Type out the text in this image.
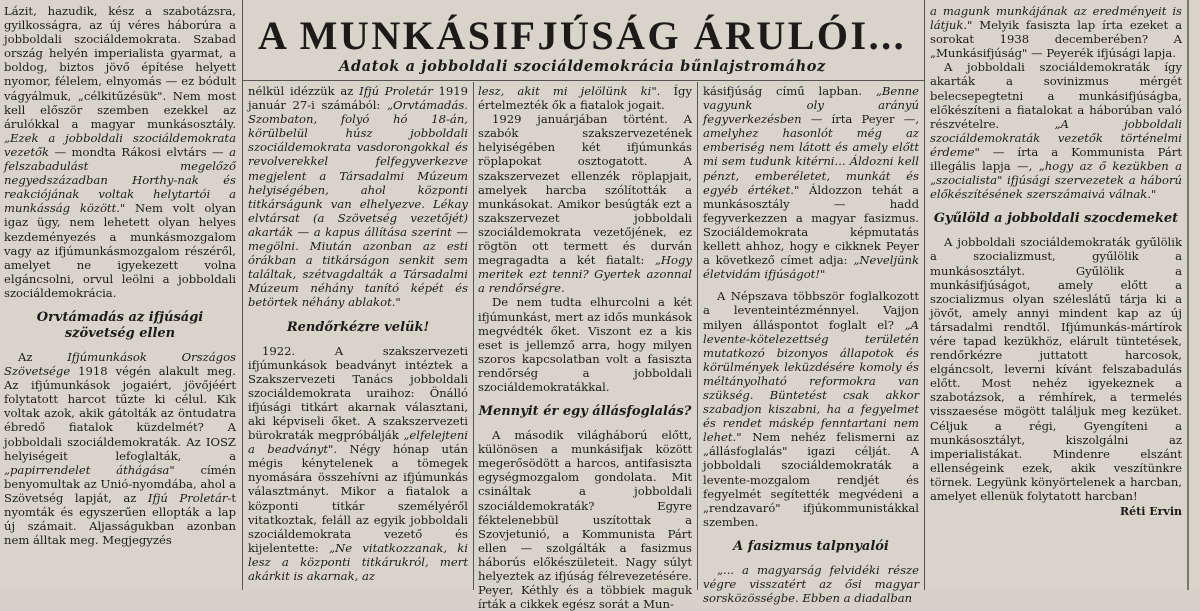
A MUNKÁSIFJÚSÁG ÁRULÓI...
Adatok a jobboldali szociáldemokrácia bűnlajstromához

Lázit, hazudik, kész a szabotázsra, gyilkosságra, az új véres háborúra a jobboldali szociáldemokrata. Szabad ország helyén imperialista gyarmat, a boldog, biztos jövő építése helyett nyomor, félelem, elnyomás — ez bódult vágyálmuk, „célkitűzésük". Nem most kell először szemben ezekkel az árulókkal a magyar munkásosztály. „Ezek a jobboldali szociáldemokrata vezetők — mondta Rákosi elvtárs — a felszabadulást megelőző negyedszázadban Horthy-nak és reakciójának voltak helytartói a munkásság között." Nem volt olyan igaz ügy, nem lehetett olyan helyes kezdeményezés a munkásmozgalom vagy az ifjúmunkásmozgalom részéről, amelyet ne igyekezett volna elgáncsolni, orvul leölni a jobboldali szociáldemokrácia.

Orvtámadás az ifjúsági szövetség ellen

Az Ifjúmunkások Országos Szövetsége 1918 végén alakult meg. Az ifjúmunkások jogaiért, jövőjéért folytatott harcot tűzte ki célul. Kik voltak azok, akik gátolták az öntudatra ébredő fiatalok küzdelmét? A jobboldali szociáldemokraták. Az IOSZ helyiségeit lefoglalták, a „papirrendelet áthágása" címén benyomultak az Unió-nyomdába, ahol a Szövetség lapját, az Ifjú Proletár-t nyomták és egyszerűen ellopták a lap új számait. Aljasságukban azonban nem álltak meg. Megjegyzés

nélkül idézzük az Ifjú Proletár 1919 január 27-i számából: „Orvtámadás. Szombaton, folyó hó 18-án, körülbelül húsz jobboldali szociáldemokrata vasdorongokkal és revolverekkel felfegyverkezve megjelent a Társadalmi Múzeum helyiségében, ahol központi titkárságunk van elhelyezve. Lékay elvtársat (a Szövetség vezetőjét) akarták — a kapus állítása szerint — megölni. Miután azonban az esti órákban a titkárságon senkit sem találtak, szétvagdalták a Társadalmi Múzeum néhány tanító képét és betörtek néhány ablakot."

Rendőrkézre velük!

1922. A szakszervezeti ifjúmunkások beadványt intéztek a Szakszervezeti Tanács jobboldali szociáldemokrata uraihoz: Önálló ifjúsági titkárt akarnak választani, aki képviseli őket. A szakszervezeti bürokraták megpróbálják „elfelejteni a beadványt". Négy hónap után mégis kénytelenek a tömegek nyomására összehívni az ifjúmunkás választmányt. Mikor a fiatalok a központi titkár személyéről vitatkoztak, feláll az egyik jobboldali szociáldemokrata vezető és kijelentette: „Ne vitatkozzanak, ki lesz a központi titkárukról, mert akárkit is akarnak, az

lesz, akit mi jelölünk ki". Így értelmezték ők a fiatalok jogait.

1929 januárjában történt. A szabók szakszervezetének helyiségében két ifjúmunkás röplapokat osztogatott. A szakszervezet ellenzék röplapjait, amelyek harcba szólították a munkásokat. Amikor besúgták ezt a szakszervezet jobboldali szociáldemokrata vezetőjének, ez rögtön ott termett és durván megragadta a két fiatalt: „Hogy meritek ezt tenni? Gyertek azonnal a rendőrségre.

De nem tudta elhurcolni a két ifjúmunkást, mert az idős munkások megvédték őket. Viszont ez a kis eset is jellemző arra, hogy milyen szoros kapcsolatban volt a fasiszta rendőrség a jobboldali szociáldemokratákkal.

Mennyit ér egy állásfoglalás?

A második világháború előtt, különösen a munkásifjak között megerősödött a harcos, antifasiszta egységmozgalom gondolata. Mit csináltak a jobboldali szociáldemokraták? Egyre féktelenebbül uszítottak a Szovjetunió, a Kommunista Párt ellen — szolgálták a fasizmus háborús előkészületeit. Nagy súlyt helyeztek az ifjúság félrevezetésére. Peyer, Kéthly és a többiek maguk írták a cikkek egész sorát a Mun-

kásifjúság című lapban. „Benne vagyunk oly arányú fegyverkezésben — írta Peyer —, amelyhez hasonlót még az emberiség nem látott és amely előtt mi sem tudunk kitérni... Áldozni kell pénzt, emberéletet, munkát és egyéb értéket." Áldozzon tehát a munkásosztály — hadd fegyverkezzen a magyar fasizmus. Szociáldemokrata képmutatás kellett ahhoz, hogy e cikknek Peyer a következő címet adja: „Neveljünk életvidám ifjúságot!"

A Népszava többször foglalkozott a leventeintézménnyel. Vajjon milyen álláspontot foglalt el? „A levente-kötelezettség területén mutatkozó bizonyos állapotok és körülmények leküzdésére komoly és méltányolható reformokra van szükség. Büntetést csak akkor szabadjon kiszabni, ha a fegyelmet és rendet máskép fenntartani nem lehet." Nem nehéz felismerni az „állásfoglalás" igazi célját. A jobboldali szociáldemokraták a levente-mozgalom rendjét és fegyelmét segítették megvédeni a „rendzavaró" ifjúkommunistákkal szemben.

A fasizmus talpnyalói

„... a magyarság felvidéki része végre visszatért az ősi magyar sorsközösségbe. Ebben a diadalban

a magunk munkájának az eredményeit is látjuk." Melyik fasiszta lap írta ezeket a sorokat 1938 decemberében? A „Munkásifjúság" — Peyerék ifjúsági lapja.

A jobboldali szociáldemokraták így akarták a sovinizmus mérgét belecsepegtetni a munkásifjúságba, előkészíteni a fiatalokat a háborúban való részvételre. „A jobboldali szociáldemokraták vezetők történelmi érdeme" — írta a Kommunista Párt illegális lapja —, „hogy az ő kezükben a „szocialista" ifjúsági szervezetek a háború előkészítésének szerszámaivá válnak."

Gyűlöld a jobboldali szocdemeket

A jobboldali szociáldemokraták gyűlölik a szocializmust, gyűlölik a munkásosztályt. Gyűlölik a munkásifjúságot, amely előtt a szocializmus olyan széleslátű tárja ki a jövőt, amely annyi mindent kap az új társadalmi rendtől. Ifjúmunkás-mártírok vére tapad kezükhöz, elárult tüntetések, rendőrkézre juttatott harcosok, elgáncsolt, leverni kívánt felszabadulás előtt. Most nehéz igyekeznek a szabotázsok, a rémhírek, a termelés visszaesése mögött találjuk meg kezüket. Céljuk a régi, Gyengíteni a munkásosztályt, kiszolgálni az imperialistákat. Mindenre elszánt ellenségeink ezek, akik veszítünkre törnek. Legyünk könyörtelenek a harcban, amelyet ellenük folytatott harcban!

Réti Ervin
